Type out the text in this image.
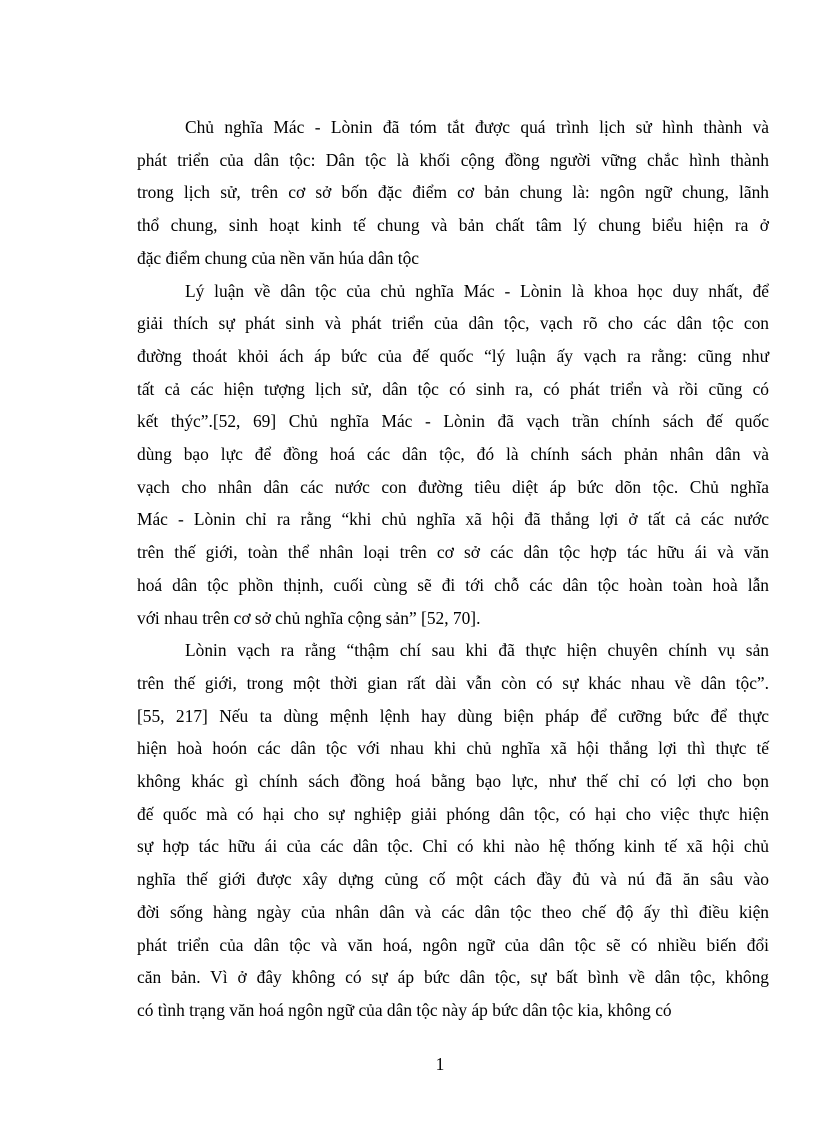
Chủ nghĩa Mác - Lònin đã tóm tắt được quá trình lịch sử hình thành và
phát triển của dân tộc: Dân tộc là khối cộng đồng người vững chắc hình thành
trong lịch sử, trên cơ sở bốn đặc điểm cơ bản chung là: ngôn ngữ chung, lãnh
thổ chung, sinh hoạt kinh tế chung và bản chất tâm lý chung biểu hiện ra ở
đặc điểm chung của nền văn húa dân tộc

Lý luận về dân tộc của chủ nghĩa Mác - Lònin là khoa học duy nhất, để
giải thích sự phát sinh và phát triển của dân tộc, vạch rõ cho các dân tộc con
đường thoát khỏi ách áp bức của đế quốc “lý luận ấy vạch ra rằng: cũng như
tất cả các hiện tượng lịch sử, dân tộc có sinh ra, có phát triển và rồi cũng có
kết thýc”.[52, 69] Chủ nghĩa Mác - Lònin đã vạch trần chính sách đế quốc
dùng bạo lực để đồng hoá các dân tộc, đó là chính sách phản nhân dân và
vạch cho nhân dân các nước con đường tiêu diệt áp bức dõn tộc. Chủ nghĩa
Mác - Lònin chỉ ra rằng “khi chủ nghĩa xã hội đã thắng lợi ở tất cả các nước
trên thế giới, toàn thể nhân loại trên cơ sở các dân tộc hợp tác hữu ái và văn
hoá dân tộc phồn thịnh, cuối cùng sẽ đi tới chỗ các dân tộc hoàn toàn hoà lẫn
với nhau trên cơ sở chủ nghĩa cộng sản” [52, 70].

Lònin vạch ra rằng “thậm chí sau khi đã thực hiện chuyên chính vụ sản
trên thế giới, trong một thời gian rất dài vẫn còn có sự khác nhau về dân tộc”.
[55, 217] Nếu ta dùng mệnh lệnh hay dùng biện pháp để cưỡng bức để thực
hiện hoà hoón các dân tộc với nhau khi chủ nghĩa xã hội thắng lợi thì thực tế
không khác gì chính sách đồng hoá bằng bạo lực, như thế chỉ có lợi cho bọn
đế quốc mà có hại cho sự nghiệp giải phóng dân tộc, có hại cho việc thực hiện
sự hợp tác hữu ái của các dân tộc. Chỉ có khi nào hệ thống kinh tế xã hội chủ
nghĩa thế giới được xây dựng củng cố một cách đầy đủ và nú đã ăn sâu vào
đời sống hàng ngày của nhân dân và các dân tộc theo chế độ ấy thì điều kiện
phát triển của dân tộc và văn hoá, ngôn ngữ của dân tộc sẽ có nhiều biến đổi
căn bản. Vì ở đây không có sự áp bức dân tộc, sự bất bình về dân tộc, không
có tình trạng văn hoá ngôn ngữ của dân tộc này áp bức dân tộc kia, không có

1
